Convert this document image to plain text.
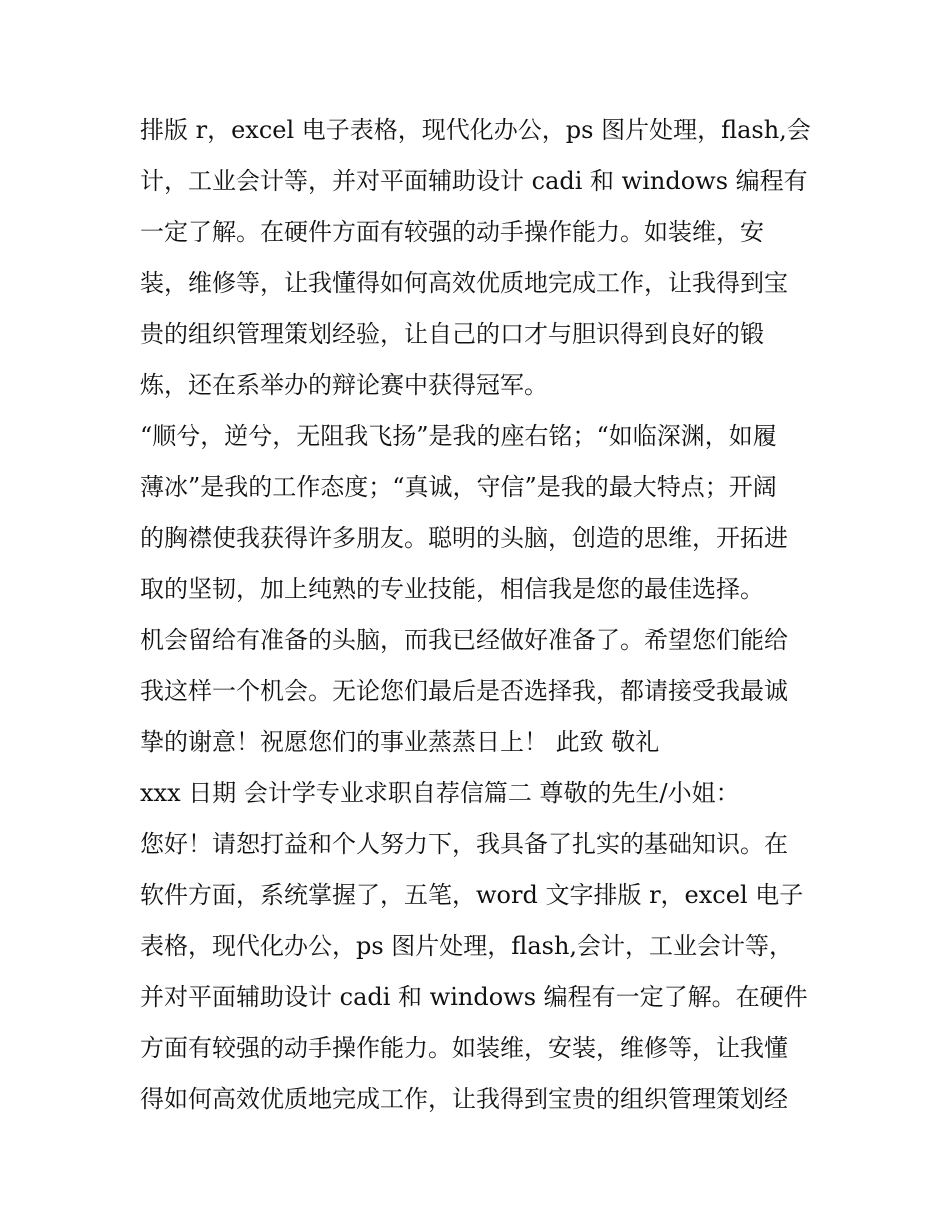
排版 r，excel 电子表格，现代化办公，ps 图片处理，flash,会
计，工业会计等，并对平面辅助设计 cadi 和 windows 编程有
一定了解。在硬件方面有较强的动手操作能力。如装维，安
装，维修等，让我懂得如何高效优质地完成工作，让我得到宝
贵的组织管理策划经验，让自己的口才与胆识得到良好的锻
炼，还在系举办的辩论赛中获得冠军。
“顺兮，逆兮，无阻我飞扬”是我的座右铭；“如临深渊，如履
薄冰”是我的工作态度；“真诚，守信”是我的最大特点；开阔
的胸襟使我获得许多朋友。聪明的头脑，创造的思维，开拓进
取的坚韧，加上纯熟的专业技能，相信我是您的最佳选择。
机会留给有准备的头脑，而我已经做好准备了。希望您们能给
我这样一个机会。无论您们最后是否选择我，都请接受我最诚
挚的谢意！祝愿您们的事业蒸蒸日上！ 此致 敬礼
xxx 日期 会计学专业求职自荐信篇二 尊敬的先生/小姐：
您好！请恕打益和个人努力下，我具备了扎实的基础知识。在
软件方面，系统掌握了，五笔，word 文字排版 r，excel 电子
表格，现代化办公，ps 图片处理，flash,会计，工业会计等，
并对平面辅助设计 cadi 和 windows 编程有一定了解。在硬件
方面有较强的动手操作能力。如装维，安装，维修等，让我懂
得如何高效优质地完成工作，让我得到宝贵的组织管理策划经
